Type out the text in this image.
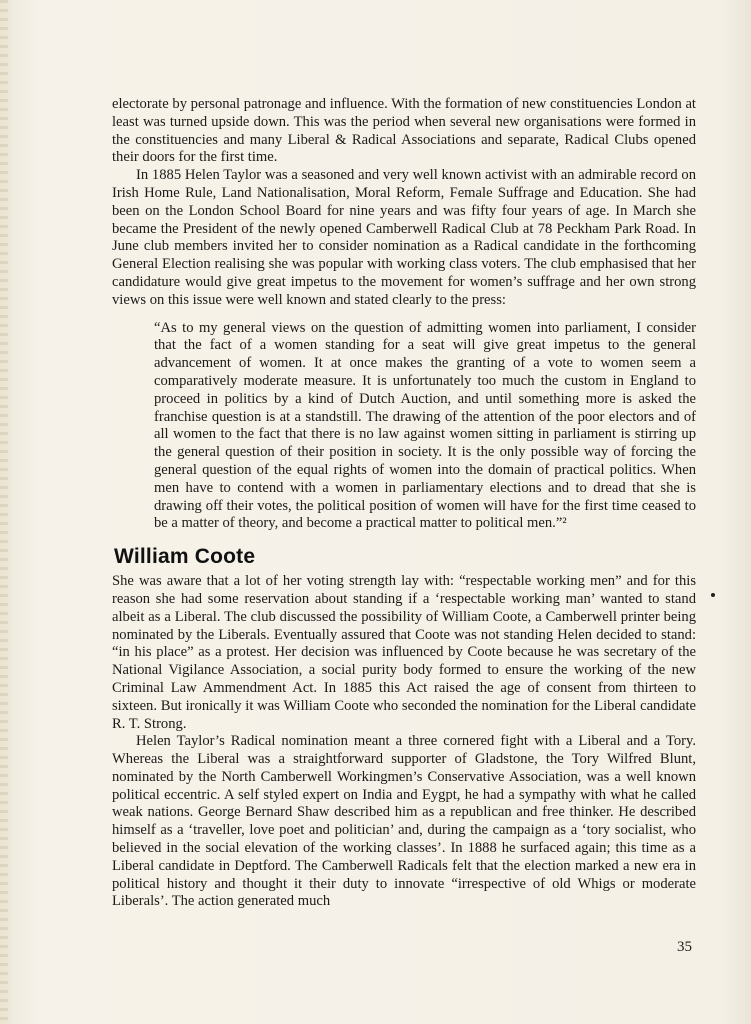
electorate by personal patronage and influence. With the formation of new constituencies London at least was turned upside down. This was the period when several new organisations were formed in the constituencies and many Liberal & Radical Associations and separate, Radical Clubs opened their doors for the first time.

In 1885 Helen Taylor was a seasoned and very well known activist with an admirable record on Irish Home Rule, Land Nationalisation, Moral Reform, Female Suffrage and Education. She had been on the London School Board for nine years and was fifty four years of age. In March she became the President of the newly opened Camberwell Radical Club at 78 Peckham Park Road. In June club members invited her to consider nomination as a Radical candidate in the forthcoming General Election realising she was popular with working class voters. The club emphasised that her candidature would give great impetus to the movement for women’s suffrage and her own strong views on this issue were well known and stated clearly to the press:

“As to my general views on the question of admitting women into parliament, I consider that the fact of a women standing for a seat will give great impetus to the general advancement of women. It at once makes the granting of a vote to women seem a comparatively moderate measure. It is unfortunately too much the custom in England to proceed in politics by a kind of Dutch Auction, and until something more is asked the franchise question is at a standstill. The drawing of the attention of the poor electors and of all women to the fact that there is no law against women sitting in parliament is stirring up the general question of their position in society. It is the only possible way of forcing the general question of the equal rights of women into the domain of practical politics. When men have to contend with a women in parliamentary elections and to dread that she is drawing off their votes, the political position of women will have for the first time ceased to be a matter of theory, and become a practical matter to political men.”²

William Coote

She was aware that a lot of her voting strength lay with: “respectable working men” and for this reason she had some reservation about standing if a ‘respectable working man’ wanted to stand albeit as a Liberal. The club discussed the possibility of William Coote, a Camberwell printer being nominated by the Liberals. Eventually assured that Coote was not standing Helen decided to stand: “in his place” as a protest. Her decision was influenced by Coote because he was secretary of the National Vigilance Association, a social purity body formed to ensure the working of the new Criminal Law Ammendment Act. In 1885 this Act raised the age of consent from thirteen to sixteen. But ironically it was William Coote who seconded the nomination for the Liberal candidate R. T. Strong.

Helen Taylor’s Radical nomination meant a three cornered fight with a Liberal and a Tory. Whereas the Liberal was a straightforward supporter of Gladstone, the Tory Wilfred Blunt, nominated by the North Camberwell Workingmen’s Conservative Association, was a well known political eccentric. A self styled expert on India and Eygpt, he had a sympathy with what he called weak nations. George Bernard Shaw described him as a republican and free thinker. He described himself as a ‘traveller, love poet and politician’ and, during the campaign as a ‘tory socialist, who believed in the social elevation of the working classes’. In 1888 he surfaced again; this time as a Liberal candidate in Deptford. The Camberwell Radicals felt that the election marked a new era in political history and thought it their duty to innovate “irrespective of old Whigs or moderate Liberals’. The action generated much

35
